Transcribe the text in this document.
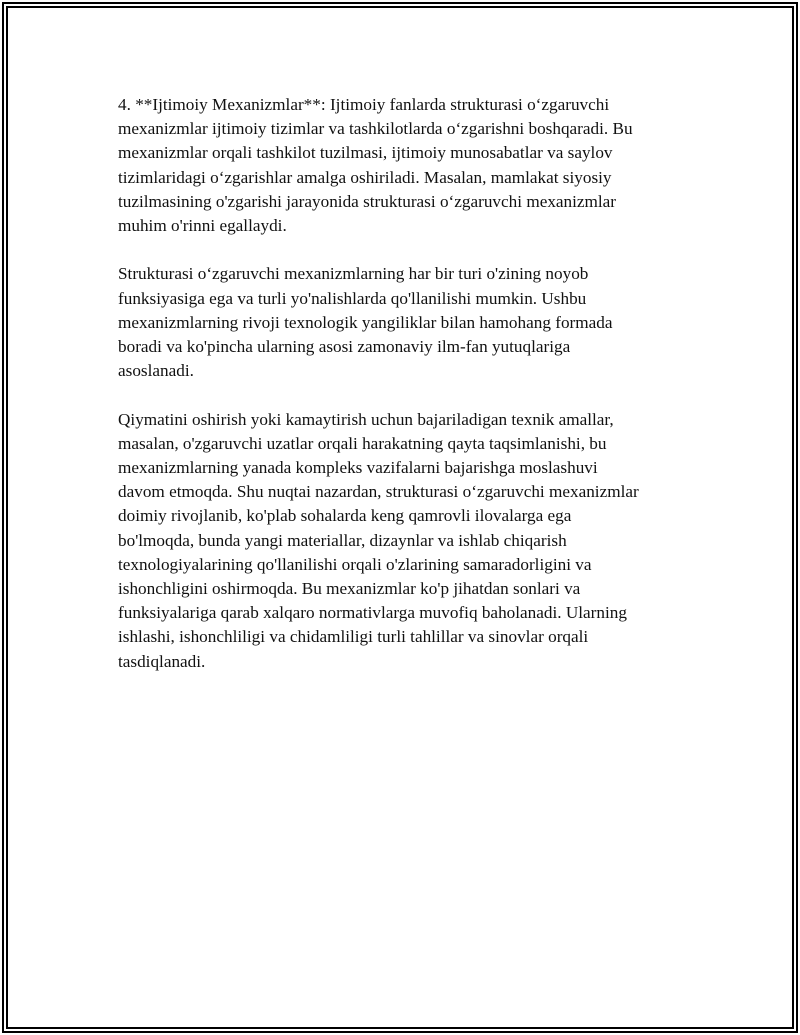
4. **Ijtimoiy Mexanizmlar**: Ijtimoiy fanlarda strukturasi o‘zgaruvchi
mexanizmlar ijtimoiy tizimlar va tashkilotlarda o‘zgarishni boshqaradi. Bu
mexanizmlar orqali tashkilot tuzilmasi, ijtimoiy munosabatlar va saylov
tizimlaridagi o‘zgarishlar amalga oshiriladi. Masalan, mamlakat siyosiy
tuzilmasining o'zgarishi jarayonida strukturasi o‘zgaruvchi mexanizmlar
muhim o'rinni egallaydi.

Strukturasi o‘zgaruvchi mexanizmlarning har bir turi o'zining noyob
funksiyasiga ega va turli yo'nalishlarda qo'llanilishi mumkin. Ushbu
mexanizmlarning rivoji texnologik yangiliklar bilan hamohang formada
boradi va ko'pincha ularning asosi zamonaviy ilm-fan yutuqlariga
asoslanadi.

Qiymatini oshirish yoki kamaytirish uchun bajariladigan texnik amallar,
masalan, o'zgaruvchi uzatlar orqali harakatning qayta taqsimlanishi, bu
mexanizmlarning yanada kompleks vazifalarni bajarishga moslashuvi
davom etmoqda. Shu nuqtai nazardan, strukturasi o‘zgaruvchi mexanizmlar
doimiy rivojlanib, ko'plab sohalarda keng qamrovli ilovalarga ega
bo'lmoqda, bunda yangi materiallar, dizaynlar va ishlab chiqarish
texnologiyalarining qo'llanilishi orqali o'zlarining samaradorligini va
ishonchligini oshirmoqda. Bu mexanizmlar ko'p jihatdan sonlari va
funksiyalariga qarab xalqaro normativlarga muvofiq baholanadi. Ularning
ishlashi, ishonchliligi va chidamliligi turli tahlillar va sinovlar orqali
tasdiqlanadi.
